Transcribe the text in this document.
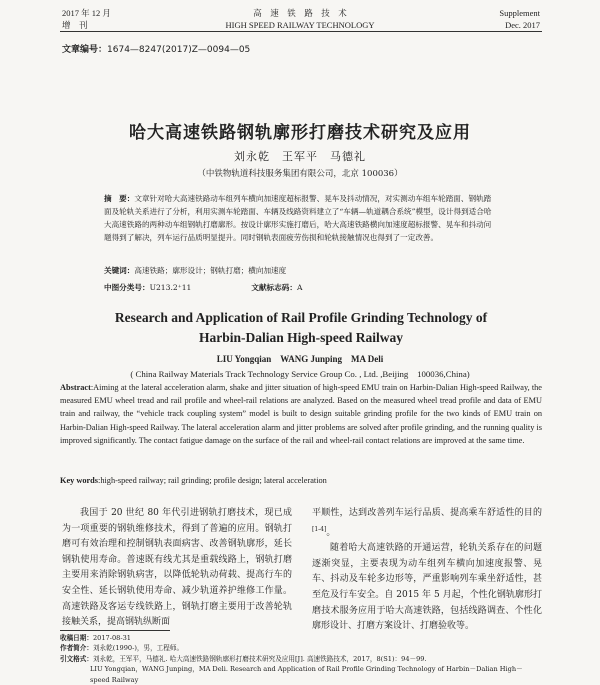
2017 年 12 月
增　刊
高　速　铁　路　技　术
HIGH SPEED RAILWAY TECHNOLOGY
Supplement
Dec. 2017
文章编号：1674—8247(2017)Z—0094—05
哈大高速铁路钢轨廓形打磨技术研究及应用
刘永乾　王军平　马德礼
（中铁物轨道科技服务集团有限公司，北京 100036）
摘　要：文章针对哈大高速铁路动车组列车横向加速度超标报警、晃车及抖动情况，对实测动车组车轮踏面、钢轨踏面及轮轨关系进行了分析，利用实测车轮踏面、车辆及线路资料建立了“车辆—轨道耦合系统”模型，设计得到适合哈大高速铁路的两种动车组钢轨打磨廓形。按设计廓形实施打磨后，哈大高速铁路横向加速度超标报警、晃车和抖动问题得到了解决，列车运行品质明显提升。同时钢轨表面疲劳伤损和轮轨接触情况也得到了一定改善。
关键词：高速铁路；廓形设计；钢轨打磨；横向加速度
中图分类号：U213.2⁺11	文献标志码：A
Research and Application of Rail Profile Grinding Technology of
Harbin-Dalian High-speed Railway
LIU Yongqian　WANG Junping　MA Deli
( China Railway Materials Track Technology Service Group Co. , Ltd. ,Beijing　100036,China)
Abstract:Aiming at the lateral acceleration alarm, shake and jitter situation of high-speed EMU train on Harbin-Dalian High-speed Railway, the measured EMU wheel tread and rail profile and wheel-rail relations are analyzed. Based on the measured wheel tread profile and data of EMU train and railway, the “vehicle track coupling system” model is built to design suitable grinding profile for the two kinds of EMU train on Harbin-Dalian High-speed Railway. The lateral acceleration alarm and jitter problems are solved after profile grinding, and the running quality is improved significantly. The contact fatigue damage on the surface of the rail and wheel-rail contact relations are improved at the same time.
Key words:high-speed railway; rail grinding; profile design; lateral acceleration

我国于 20 世纪 80 年代引进钢轨打磨技术，现已成为一项重要的钢轨维修技术，得到了普遍的应用。钢轨打磨可有效治理和控制钢轨表面病害、改善钢轨廓形，延长钢轨使用寿命。普速既有线尤其是重载线路上，钢轨打磨主要用来消除钢轨病害，以降低轮轨动荷载、提高行车的安全性、延长钢轨使用寿命、减少轨道养护维修工作量。高速铁路及客运专线铁路上，钢轨打磨主要用于改善轮轨接触关系，提高钢轨纵断面

平顺性，达到改善列车运行品质、提高乘车舒适性的目的[1-4]。

随着哈大高速铁路的开通运营，轮轨关系存在的问题逐渐突显，主要表现为动车组列车横向加速度报警、晃车、抖动及车轮多边形等，严重影响列车乘坐舒适性，甚至危及行车安全。自 2015 年 5 月起，个性化钢轨廓形打磨技术服务应用于哈大高速铁路，包括线路调查、个性化廓形设计、打磨方案设计、打磨验收等。

收稿日期：2017-08-31
作者简介：刘永乾(1990-)，男，工程师。
引文格式：刘永乾，王军平，马德礼. 哈大高速铁路钢轨廓形打磨技术研究及应用[J]. 高速铁路技术，2017，8(S1)：94－99.
LIU Yongqian，WANG Junping，MA Deli. Research and Application of Rail Profile Grinding Technology of Harbin－Dalian High－speed Railway
